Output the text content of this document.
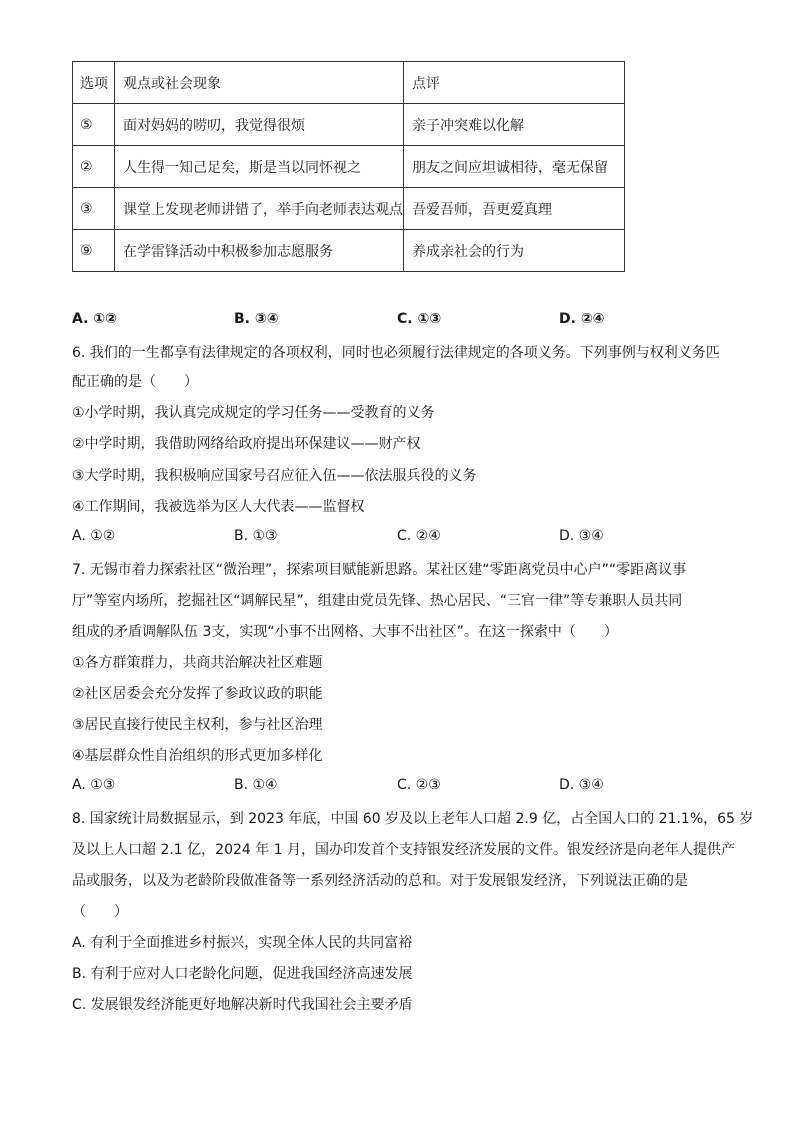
选项	观点或社会现象	点评
⑤	面对妈妈的唠叨，我觉得很烦	亲子冲突难以化解
②	人生得一知己足矣，斯是当以同怀视之	朋友之间应坦诚相待，毫无保留
③	课堂上发现老师讲错了，举手向老师表达观点	吾爱吾师，吾更爱真理
⑨	在学雷锋活动中积极参加志愿服务	养成亲社会的行为
A. ①②	B. ③④	C. ①③	D. ②④
6. 我们的一生都享有法律规定的各项权利，同时也必须履行法律规定的各项义务。下列事例与权利义务匹
配正确的是（　　）
①小学时期，我认真完成规定的学习任务——受教育的义务
②中学时期，我借助网络给政府提出环保建议——财产权
③大学时期，我积极响应国家号召应征入伍——依法服兵役的义务
④工作期间，我被选举为区人大代表——监督权
A. ①②	B. ①③	C. ②④	D. ③④
7. 无锡市着力探索社区“微治理”，探索项目赋能新思路。某社区建“零距离党员中心户”“零距离议事
厅”等室内场所，挖掘社区“调解民星”，组建由党员先锋、热心居民、“三官一律”等专兼职人员共同
组成的矛盾调解队伍 3支，实现“小事不出网格、大事不出社区”。在这一探索中（　　）
①各方群策群力，共商共治解决社区难题
②社区居委会充分发挥了参政议政的职能
③居民直接行使民主权利，参与社区治理
④基层群众性自治组织的形式更加多样化
A. ①③	B. ①④	C. ②③	D. ③④
8. 国家统计局数据显示，到 2023 年底，中国 60 岁及以上老年人口超 2.9 亿，占全国人口的 21.1%，65 岁
及以上人口超 2.1 亿，2024 年 1 月，国办印发首个支持银发经济发展的文件。银发经济是向老年人提供产
品或服务，以及为老龄阶段做准备等一系列经济活动的总和。对于发展银发经济，下列说法正确的是
（　　）
A. 有利于全面推进乡村振兴，实现全体人民的共同富裕
B. 有利于应对人口老龄化问题，促进我国经济高速发展
C. 发展银发经济能更好地解决新时代我国社会主要矛盾
